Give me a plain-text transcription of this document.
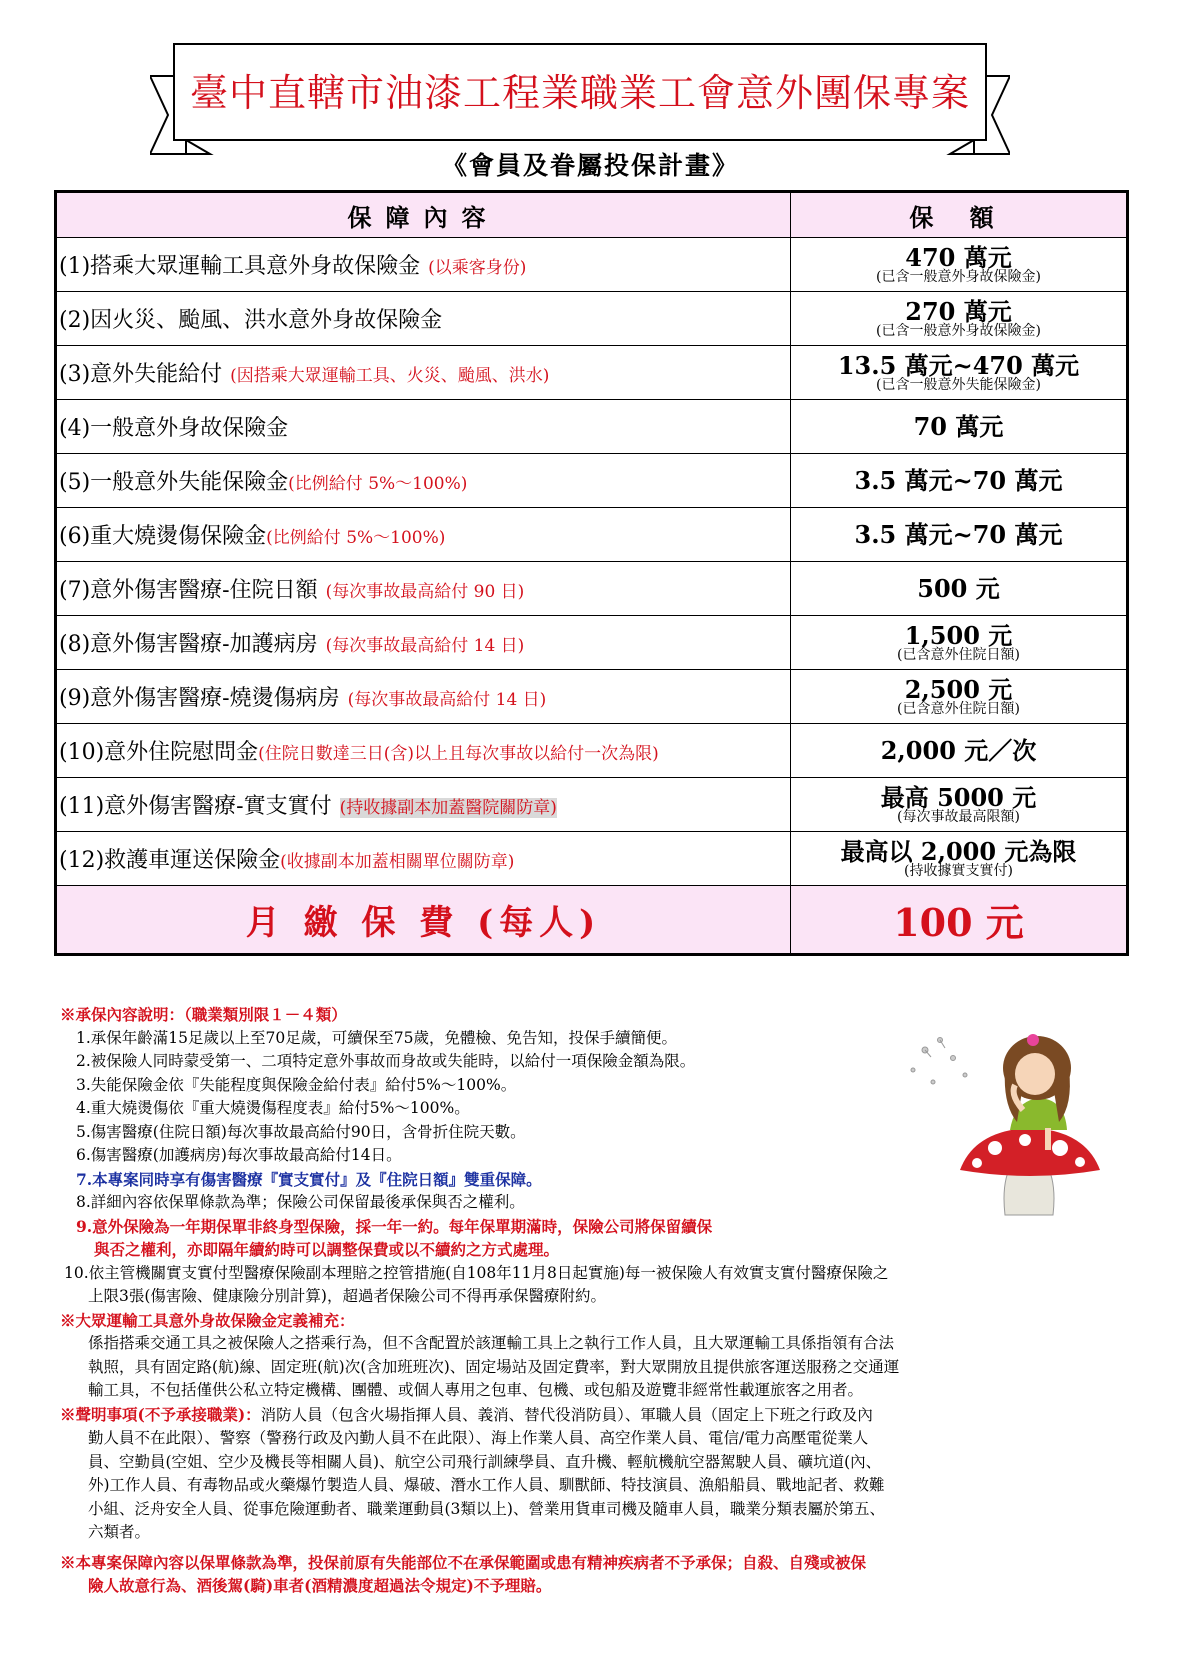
臺中直轄市油漆工程業職業工會意外團保專案
《會員及眷屬投保計畫》
保障內容	保 額
(1)搭乘大眾運輸工具意外身故保險金 (以乘客身份)	470 萬元
(已含一般意外身故保險金)

(2)因火災、颱風、洪水意外身故保險金	270 萬元
(已含一般意外身故保險金)

(3)意外失能給付 (因搭乘大眾運輸工具、火災、颱風、洪水)	13.5 萬元~470 萬元
(已含一般意外失能保險金)

(4)一般意外身故保險金	70 萬元

(5)一般意外失能保險金(比例給付 5%～100%)	3.5 萬元~70 萬元

(6)重大燒燙傷保險金(比例給付 5%～100%)	3.5 萬元~70 萬元

(7)意外傷害醫療-住院日額 (每次事故最高給付 90 日)	500 元

(8)意外傷害醫療-加護病房 (每次事故最高給付 14 日)	1,500 元
(已含意外住院日額)

(9)意外傷害醫療-燒燙傷病房 (每次事故最高給付 14 日)	2,500 元
(已含意外住院日額)

(10)意外住院慰問金(住院日數達三日(含)以上且每次事故以給付一次為限)	2,000 元／次

(11)意外傷害醫療-實支實付 (持收據副本加蓋醫院關防章)	最高 5000 元
(每次事故最高限額)

(12)救護車運送保險金(收據副本加蓋相關單位關防章)	最高以 2,000 元為限
(持收據實支實付)

月 繳 保 費 (每人)	100 元
※承保內容說明：（職業類別限１－４類）
1.承保年齡滿15足歲以上至70足歲，可續保至75歲，免體檢、免告知，投保手續簡便。
2.被保險人同時蒙受第一、二項特定意外事故而身故或失能時，以給付一項保險金額為限。
3.失能保險金依『失能程度與保險金給付表』給付5%～100%。
4.重大燒燙傷依『重大燒燙傷程度表』給付5%～100%。
5.傷害醫療(住院日額)每次事故最高給付90日，含骨折住院天數。
6.傷害醫療(加護病房)每次事故最高給付14日。
7.本專案同時享有傷害醫療『實支實付』及『住院日額』雙重保障。
8.詳細內容依保單條款為準；保險公司保留最後承保與否之權利。
9.意外保險為一年期保單非終身型保險，採一年一約。每年保單期滿時，保險公司將保留續保
與否之權利，亦即隔年續約時可以調整保費或以不續約之方式處理。
10.依主管機關實支實付型醫療保險副本理賠之控管措施(自108年11月8日起實施)每一被保險人有效實支實付醫療保險之
上限3張(傷害險、健康險分別計算)，超過者保險公司不得再承保醫療附約。
※大眾運輸工具意外身故保險金定義補充：
係指搭乘交通工具之被保險人之搭乘行為，但不含配置於該運輸工具上之執行工作人員，且大眾運輸工具係指領有合法
執照，具有固定路(航)線、固定班(航)次(含加班班次)、固定場站及固定費率，對大眾開放且提供旅客運送服務之交通運
輸工具，不包括僅供公私立特定機構、團體、或個人專用之包車、包機、或包船及遊覽非經常性載運旅客之用者。
※聲明事項(不予承接職業)：消防人員（包含火場指揮人員、義消、替代役消防員）、軍職人員（固定上下班之行政及內
勤人員不在此限）、警察（警務行政及內勤人員不在此限）、海上作業人員、高空作業人員、電信/電力高壓電從業人
員、空勤員(空姐、空少及機長等相關人員)、航空公司飛行訓練學員、直升機、輕航機航空器駕駛人員、礦坑道(內、
外)工作人員、有毒物品或火藥爆竹製造人員、爆破、潛水工作人員、馴獸師、特技演員、漁船船員、戰地記者、救難
小組、泛舟安全人員、從事危險運動者、職業運動員(3類以上)、營業用貨車司機及隨車人員，職業分類表屬於第五、
六類者。
※本專案保障內容以保單條款為準，投保前原有失能部位不在承保範圍或患有精神疾病者不予承保；自殺、自殘或被保
險人故意行為、酒後駕(騎)車者(酒精濃度超過法令規定)不予理賠。
